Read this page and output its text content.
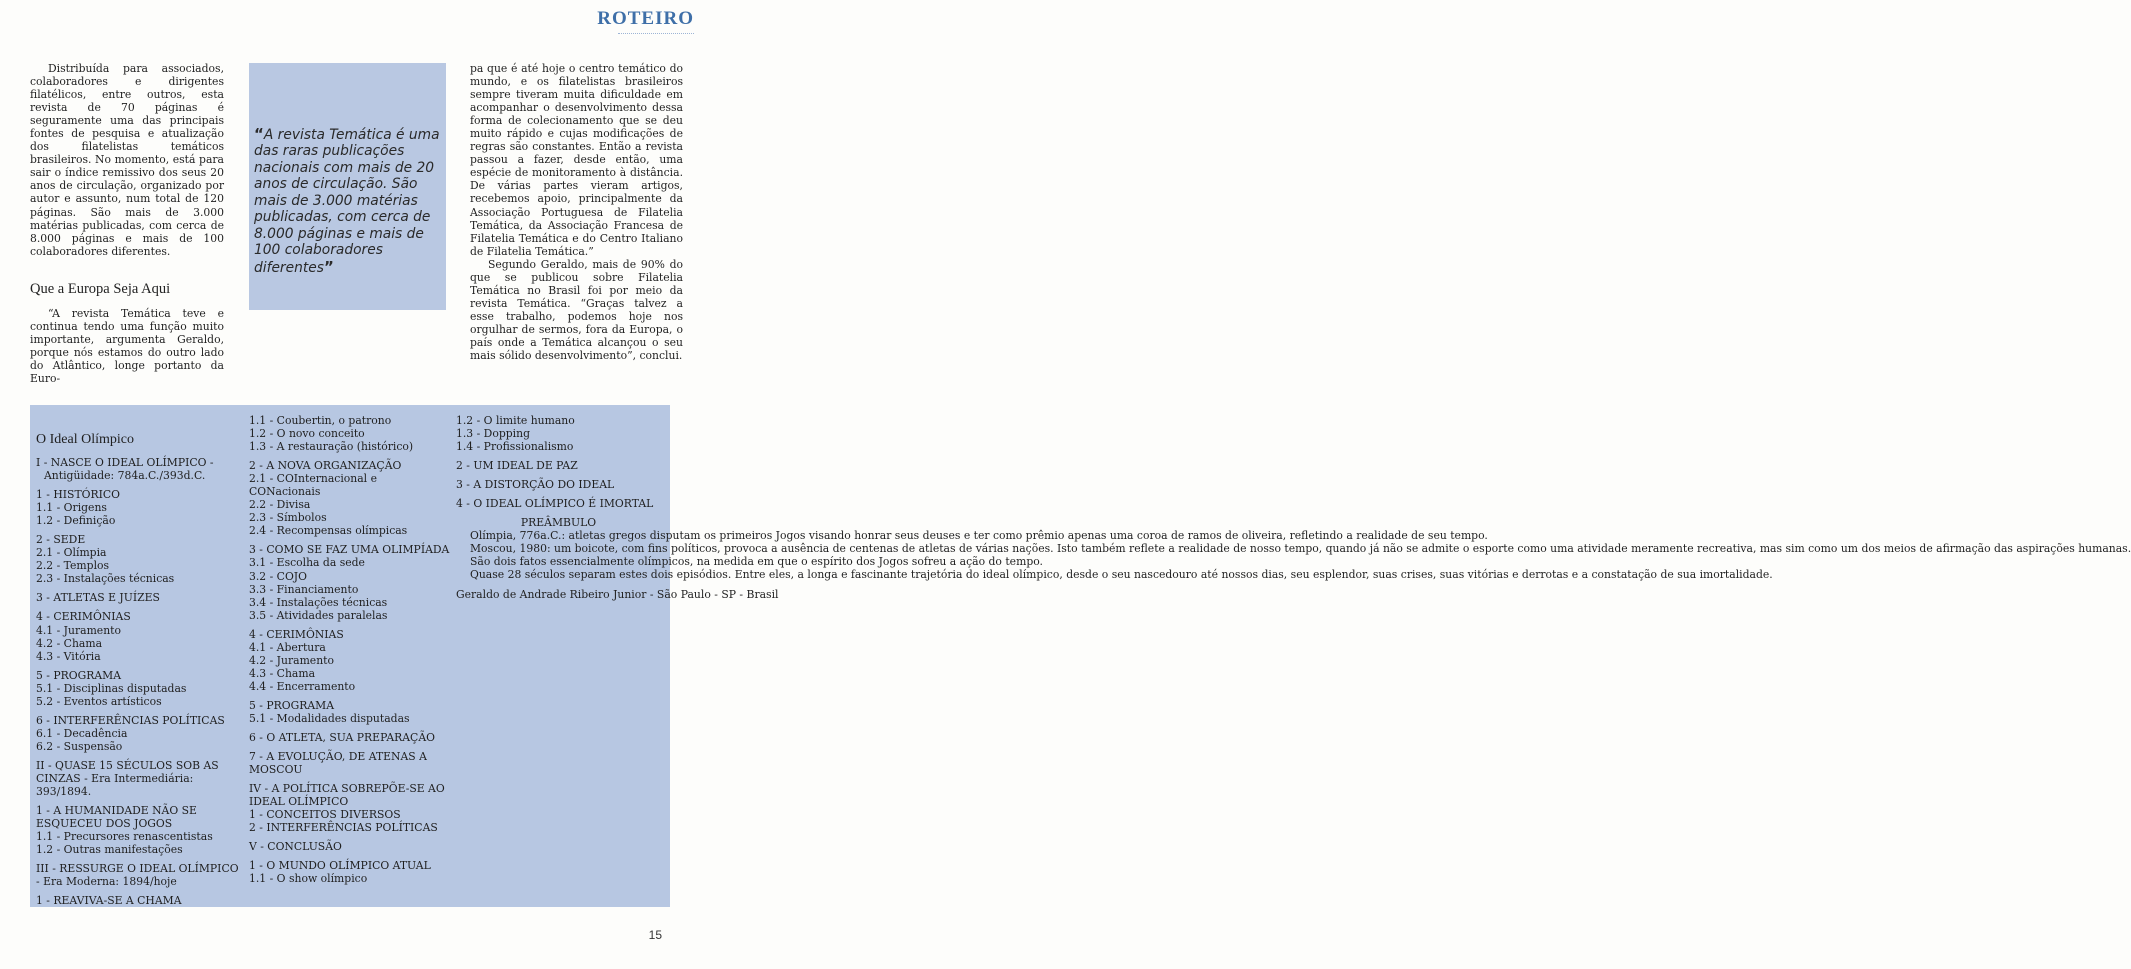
ROTEIRO

Distribuída para associados, colaboradores e dirigentes filatélicos, entre outros, esta revista de 70 páginas é seguramente uma das principais fontes de pesquisa e atualização dos filatelistas temáticos brasileiros. No momento, está para sair o índice remissivo dos seus 20 anos de circulação, organizado por autor e assunto, num total de 120 páginas. São mais de 3.000 matérias publicadas, com cerca de 8.000 páginas e mais de 100 colaboradores diferentes.

Que a Europa Seja Aqui

“A revista Temática teve e continua tendo uma função muito importante, argumenta Geraldo, porque nós estamos do outro lado do Atlântico, longe portanto da Euro-

“A revista Temática é uma das raras publicações nacionais com mais de 20 anos de circulação. São mais de 3.000 matérias publicadas, com cerca de 8.000 páginas e mais de 100 colaboradores diferentes”

pa que é até hoje o centro temático do mundo, e os filatelistas brasileiros sempre tiveram muita dificuldade em acompanhar o desenvolvimento dessa forma de colecionamento que se deu muito rápido e cujas modificações de regras são constantes. Então a revista passou a fazer, desde então, uma espécie de monitoramento à distância. De várias partes vieram artigos, recebemos apoio, principalmente da Associação Portuguesa de Filatelia Temática, da Associação Francesa de Filatelia Temática e do Centro Italiano de Filatelia Temática.”

Segundo Geraldo, mais de 90% do que se publicou sobre Filatelia Temática no Brasil foi por meio da revista Temática. “Graças talvez a esse trabalho, podemos hoje nos orgulhar de sermos, fora da Europa, o país onde a Temática alcançou o seu mais sólido desenvolvimento”, conclui.

O Ideal Olímpico
I - NASCE O IDEAL OLÍMPICO -
Antigüidade: 784a.C./393d.C.
1 - HISTÓRICO
1.1 - Origens
1.2 - Definição
2 - SEDE
2.1 - Olímpia
2.2 - Templos
2.3 - Instalações técnicas
3 - ATLETAS E JUÍZES
4 - CERIMÔNIAS
4.1 - Juramento
4.2 - Chama
4.3 - Vitória
5 - PROGRAMA
5.1 - Disciplinas disputadas
5.2 - Eventos artísticos
6 - INTERFERÊNCIAS POLÍTICAS
6.1 - Decadência
6.2 - Suspensão
II - QUASE 15 SÉCULOS SOB AS CINZAS - Era Intermediária: 393/1894.
1 - A HUMANIDADE NÃO SE ESQUECEU DOS JOGOS
1.1 - Precursores renascentistas
1.2 - Outras manifestações
III - RESSURGE O IDEAL OLÍMPICO - Era Moderna: 1894/hoje
1 - REAVIVA-SE A CHAMA
1.1 - Coubertin, o patrono
1.2 - O novo conceito
1.3 - A restauração (histórico)
2 - A NOVA ORGANIZAÇÃO
2.1 - COInternacional e CONacionais
2.2 - Divisa
2.3 - Símbolos
2.4 - Recompensas olímpicas
3 - COMO SE FAZ UMA OLIMPÍADA
3.1 - Escolha da sede
3.2 - COJO
3.3 - Financiamento
3.4 - Instalações técnicas
3.5 - Atividades paralelas
4 - CERIMÔNIAS
4.1 - Abertura
4.2 - Juramento
4.3 - Chama
4.4 - Encerramento
5 - PROGRAMA
5.1 - Modalidades disputadas
6 - O ATLETA, SUA PREPARAÇÃO
7 - A EVOLUÇÃO, DE ATENAS A MOSCOU
IV - A POLÍTICA SOBREPÕE-SE AO IDEAL OLÍMPICO
1 - CONCEITOS DIVERSOS
2 - INTERFERÊNCIAS POLÍTICAS
V - CONCLUSÃO
1 - O MUNDO OLÍMPICO ATUAL
1.1 - O show olímpico
1.2 - O limite humano
1.3 - Dopping
1.4 - Profissionalismo
2 - UM IDEAL DE PAZ
3 - A DISTORÇÃO DO IDEAL
4 - O IDEAL OLÍMPICO É IMORTAL
PREÂMBULO

Olímpia, 776a.C.: atletas gregos disputam os primeiros Jogos visando honrar seus deuses e ter como prêmio apenas uma coroa de ramos de oliveira, refletindo a realidade de seu tempo.

Moscou, 1980: um boicote, com fins políticos, provoca a ausência de centenas de atletas de várias nações. Isto também reflete a realidade de nosso tempo, quando já não se admite o esporte como uma atividade meramente recreativa, mas sim como um dos meios de afirmação das aspirações humanas.

São dois fatos essencialmente olímpicos, na medida em que o espírito dos Jogos sofreu a ação do tempo.

Quase 28 séculos separam estes dois episódios. Entre eles, a longa e fascinante trajetória do ideal olímpico, desde o seu nascedouro até nossos dias, seu esplendor, suas crises, suas vitórias e derrotas e a constatação de sua imortalidade.

Geraldo de Andrade Ribeiro Junior - São Paulo - SP - Brasil
15
